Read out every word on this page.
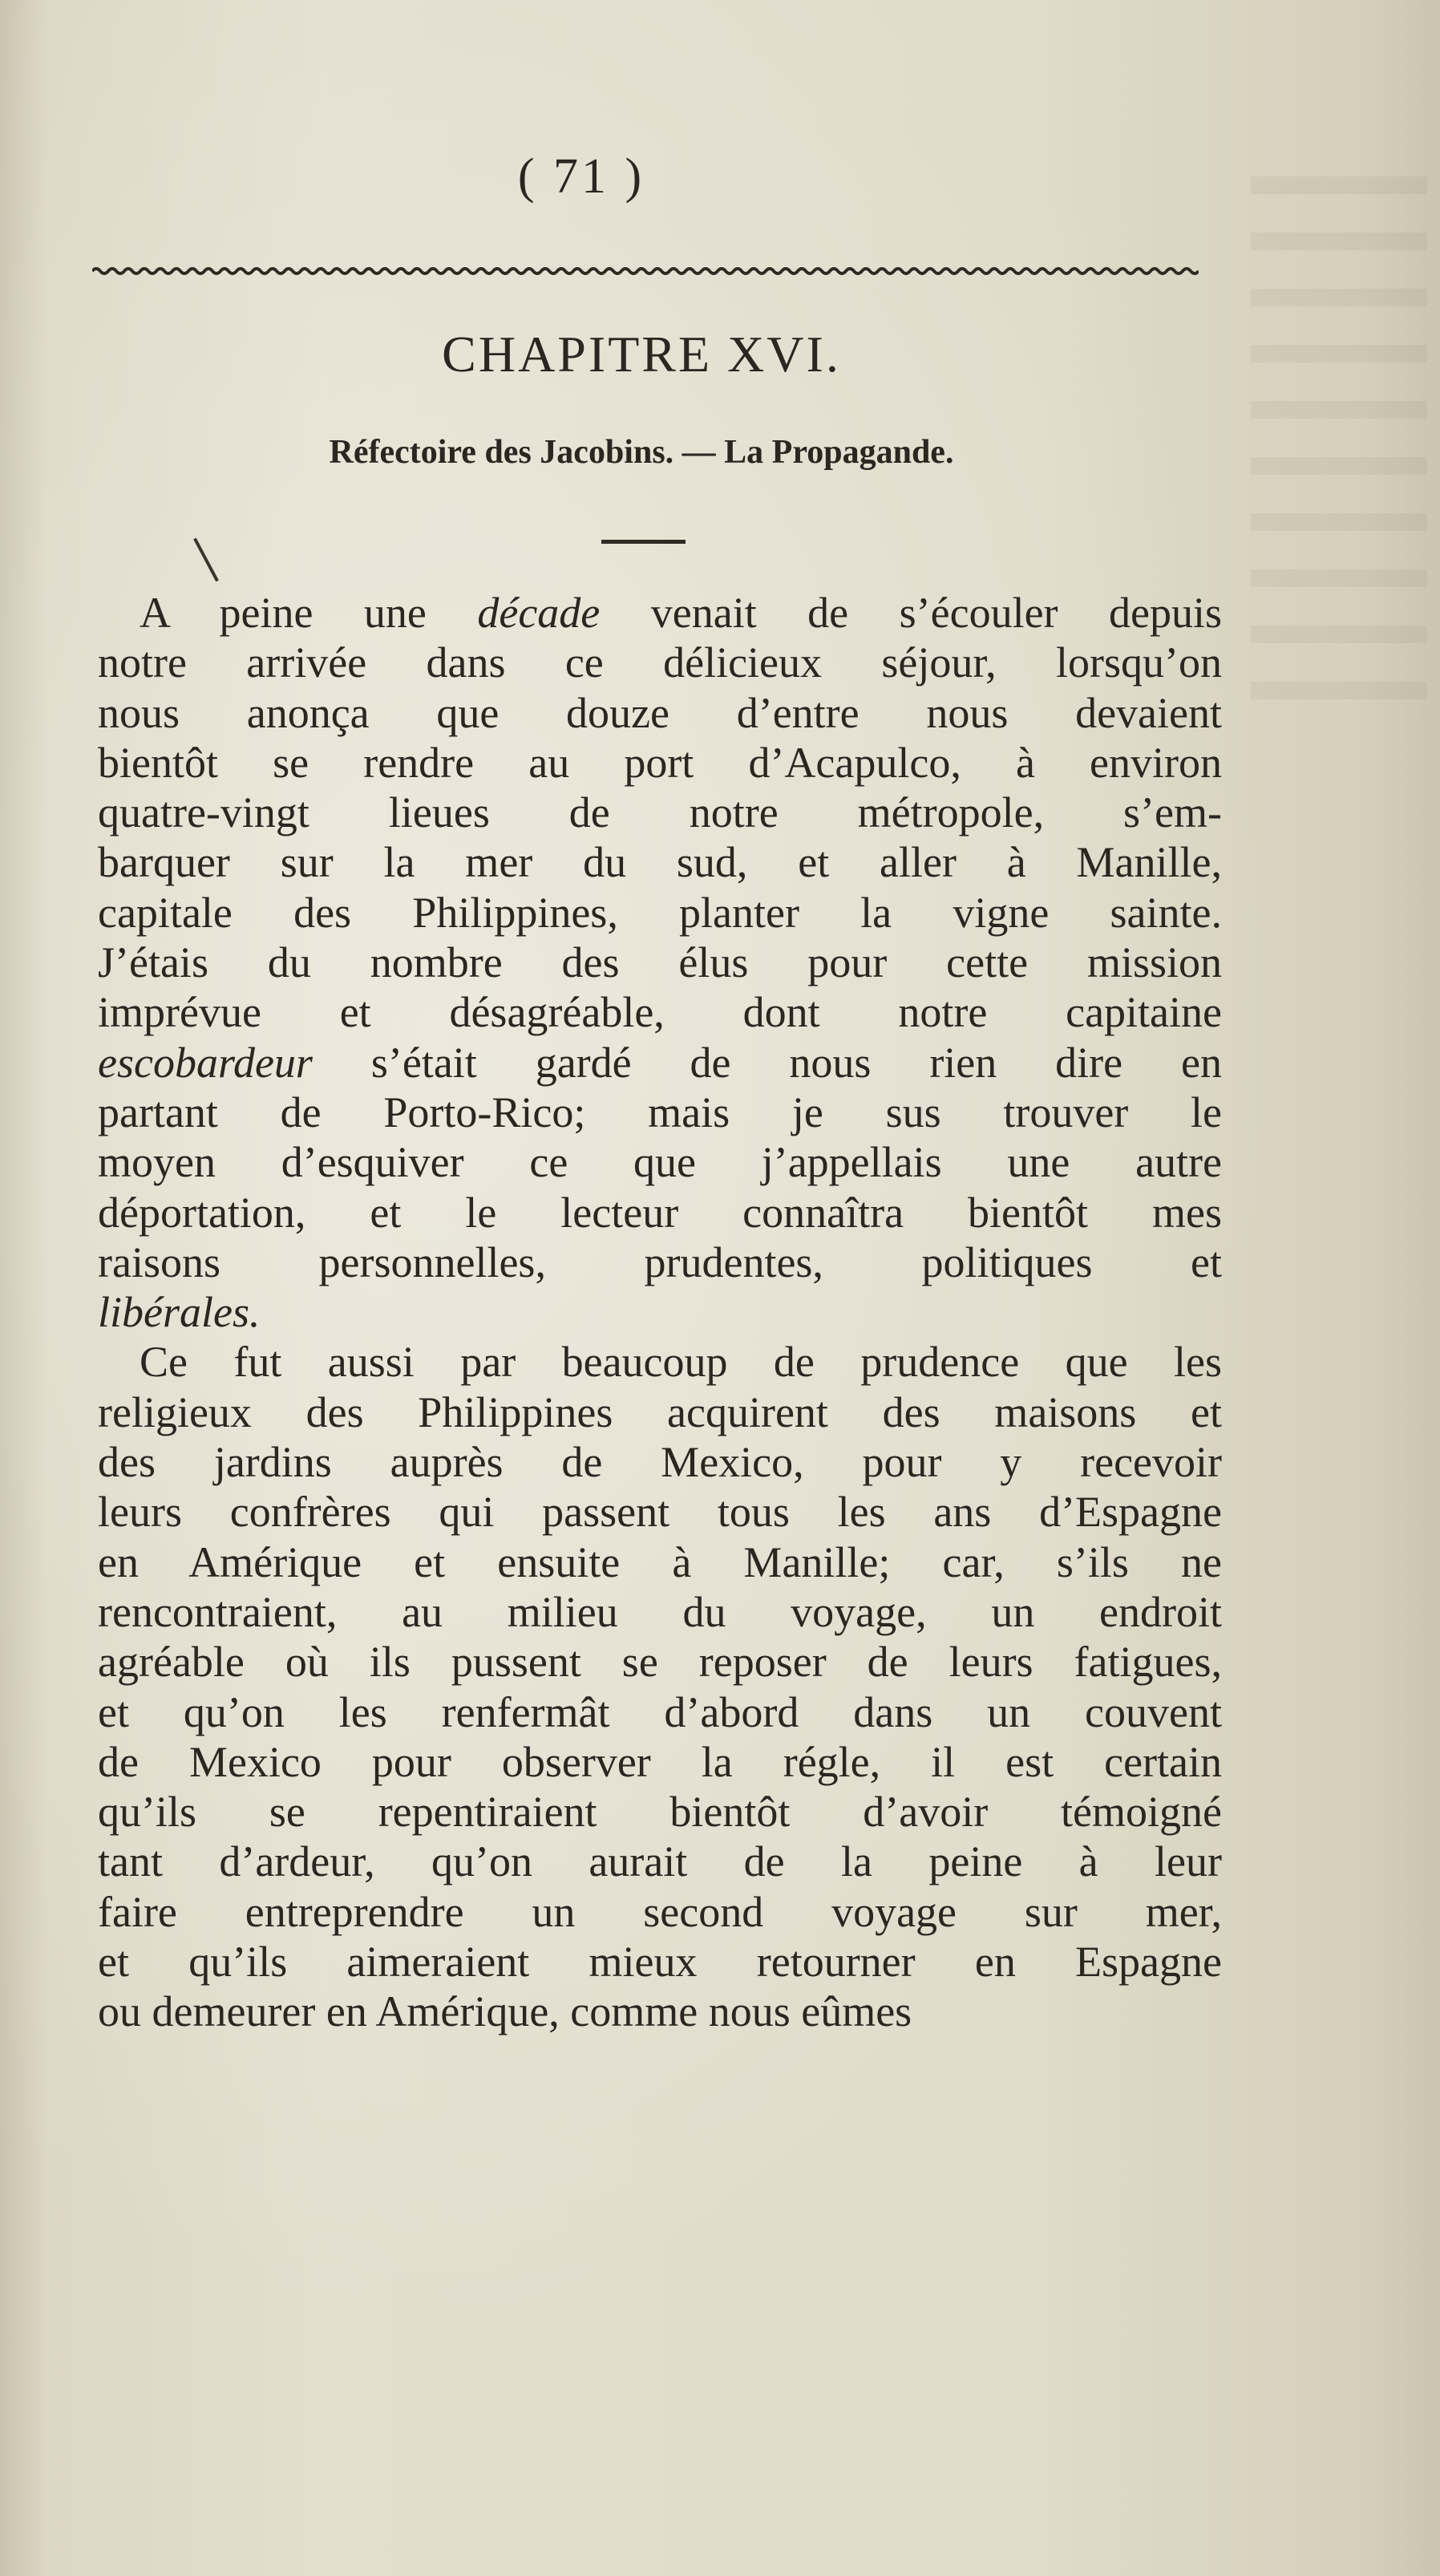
( 71 )
CHAPITRE XVI.
Réfectoire des Jacobins. — La Propagande.
A peine une décade venait de s’écouler depuis
notre arrivée dans ce délicieux séjour, lorsqu’on
nous anonça que douze d’entre nous devaient
bientôt se rendre au port d’Acapulco, à environ
quatre-vingt lieues de notre métropole, s’em-
barquer sur la mer du sud, et aller à Manille,
capitale des Philippines, planter la vigne sainte.
J’étais du nombre des élus pour cette mission
imprévue et désagréable, dont notre capitaine
escobardeur s’était gardé de nous rien dire en
partant de Porto-Rico; mais je sus trouver le
moyen d’esquiver ce que j’appellais une autre
déportation, et le lecteur connaîtra bientôt mes
raisons personnelles, prudentes, politiques et
libérales.
Ce fut aussi par beaucoup de prudence que les
religieux des Philippines acquirent des maisons et
des jardins auprès de Mexico, pour y recevoir
leurs confrères qui passent tous les ans d’Espagne
en Amérique et ensuite à Manille; car, s’ils ne
rencontraient, au milieu du voyage, un endroit
agréable où ils pussent se reposer de leurs fatigues,
et qu’on les renfermât d’abord dans un couvent
de Mexico pour observer la régle, il est certain
qu’ils se repentiraient bientôt d’avoir témoigné
tant d’ardeur, qu’on aurait de la peine à leur
faire entreprendre un second voyage sur mer,
et qu’ils aimeraient mieux retourner en Espagne
ou demeurer en Amérique, comme nous eûmes
